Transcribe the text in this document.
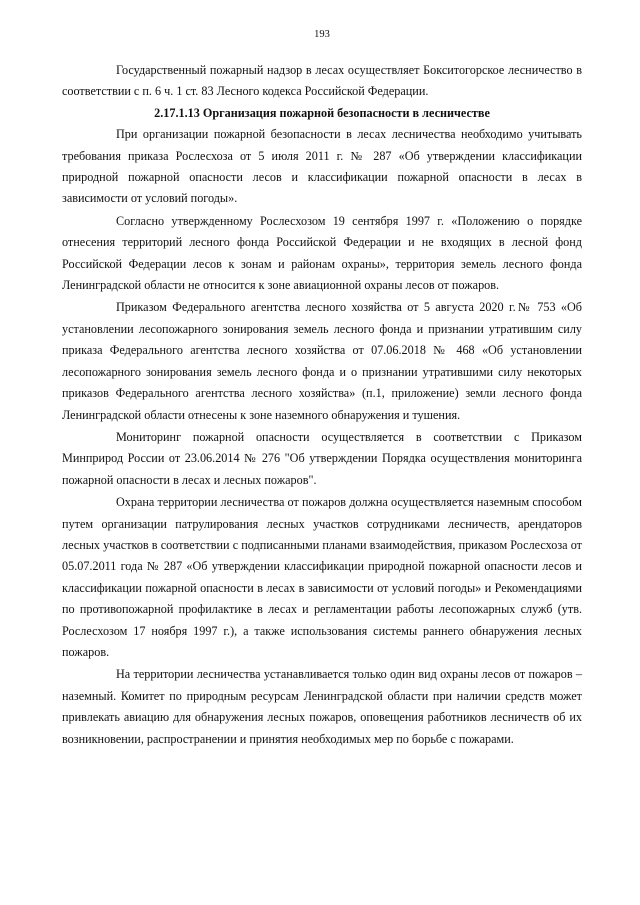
193

Государственный пожарный надзор в лесах осуществляет Бокситогорское лесничество в соответствии с п. 6 ч. 1 ст. 83 Лесного кодекса Российской Федерации.

2.17.1.13 Организация пожарной безопасности в лесничестве

При организации пожарной безопасности в лесах лесничества необходимо учитывать требования приказа Рослесхоза от 5 июля 2011 г. № 287 «Об утверждении классификации природной пожарной опасности лесов и классификации пожарной опасности в лесах в зависимости от условий погоды».

Согласно утвержденному Рослесхозом 19 сентября 1997 г. «Положению о порядке отнесения территорий лесного фонда Российской Федерации и не входящих в лесной фонд Российской Федерации лесов к зонам и районам охраны», территория земель лесного фонда Ленинградской области не относится к зоне авиационной охраны лесов от пожаров.

Приказом Федерального агентства лесного хозяйства от 5 августа 2020 г.№ 753 «Об установлении лесопожарного зонирования земель лесного фонда и признании утратившим силу приказа Федерального агентства лесного хозяйства от 07.06.2018 № 468 «Об установлении лесопожарного зонирования земель лесного фонда и о признании утратившими силу некоторых приказов Федерального агентства лесного хозяйства» (п.1, приложение) земли лесного фонда Ленинградской области отнесены к зоне наземного обнаружения и тушения.

Мониторинг пожарной опасности осуществляется в соответствии с Приказом Минприрод России от 23.06.2014 № 276 "Об утверждении Порядка осуществления мониторинга пожарной опасности в лесах и лесных пожаров".

Охрана территории лесничества от пожаров должна осуществляется наземным способом путем организации патрулирования лесных участков сотрудниками лесничеств, арендаторов лесных участков в соответствии с подписанными планами взаимодействия, приказом Рослесхоза от 05.07.2011 года № 287 «Об утверждении классификации природной пожарной опасности лесов и классификации пожарной опасности в лесах в зависимости от условий погоды» и Рекомендациями по противопожарной профилактике в лесах и регламентации работы лесопожарных служб (утв. Рослесхозом 17 ноября 1997 г.), а также использования системы раннего обнаружения лесных пожаров.

На территории лесничества устанавливается только один вид охраны лесов от пожаров – наземный. Комитет по природным ресурсам Ленинградской области при наличии средств может привлекать авиацию для обнаружения лесных пожаров, оповещения работников лесничеств об их возникновении, распространении и принятия необходимых мер по борьбе с пожарами.
